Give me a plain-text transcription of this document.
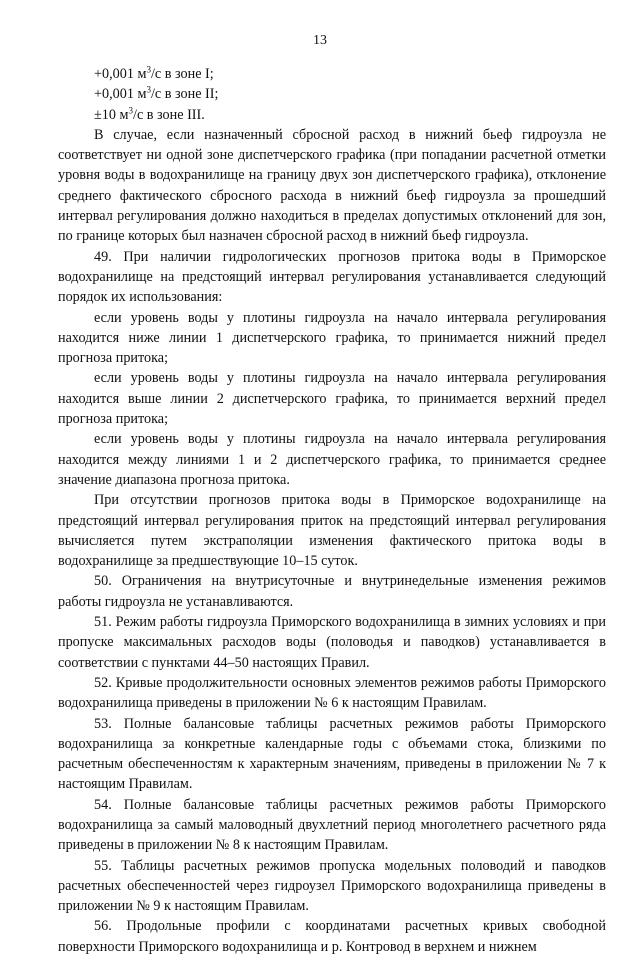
13
+0,001 $м^3/с$ в зоне I;
+0,001 $м^3/с$ в зоне II;
±10 $м^3/с$ в зоне III.

В случае, если назначенный сбросной расход в нижний бьеф гидроузла не соответствует ни одной зоне диспетчерского графика (при попадании расчетной отметки уровня воды в водохранилище на границу двух зон диспетчерского графика), отклонение среднего фактического сбросного расхода в нижний бьеф гидроузла за прошедший интервал регулирования должно находиться в пределах допустимых отклонений для зон, по границе которых был назначен сбросной расход в нижний бьеф гидроузла.

49. При наличии гидрологических прогнозов притока воды в Приморское водохранилище на предстоящий интервал регулирования устанавливается следующий порядок их использования:

если уровень воды у плотины гидроузла на начало интервала регулирования находится ниже линии 1 диспетчерского графика, то принимается нижний предел прогноза притока;

если уровень воды у плотины гидроузла на начало интервала регулирования находится выше линии 2 диспетчерского графика, то принимается верхний предел прогноза притока;

если уровень воды у плотины гидроузла на начало интервала регулирования находится между линиями 1 и 2 диспетчерского графика, то принимается среднее значение диапазона прогноза притока.

При отсутствии прогнозов притока воды в Приморское водохранилище на предстоящий интервал регулирования приток на предстоящий интервал регулирования вычисляется путем экстраполяции изменения фактического притока воды в водохранилище за предшествующие 10–15 суток.

50. Ограничения на внутрисуточные и внутринедельные изменения режимов работы гидроузла не устанавливаются.

51. Режим работы гидроузла Приморского водохранилища в зимних условиях и при пропуске максимальных расходов воды (половодья и паводков) устанавливается в соответствии с пунктами 44–50 настоящих Правил.

52. Кривые продолжительности основных элементов режимов работы Приморского водохранилища приведены в приложении № 6 к настоящим Правилам.

53. Полные балансовые таблицы расчетных режимов работы Приморского водохранилища за конкретные календарные годы с объемами стока, близкими по расчетным обеспеченностям к характерным значениям, приведены в приложении № 7 к настоящим Правилам.

54. Полные балансовые таблицы расчетных режимов работы Приморского водохранилища за самый маловодный двухлетний период многолетнего расчетного ряда приведены в приложении № 8 к настоящим Правилам.

55. Таблицы расчетных режимов пропуска модельных половодий и паводков расчетных обеспеченностей через гидроузел Приморского водохранилища приведены в приложении № 9 к настоящим Правилам.

56. Продольные профили с координатами расчетных кривых свободной поверхности Приморского водохранилища и р. Контровод в верхнем и нижнем
